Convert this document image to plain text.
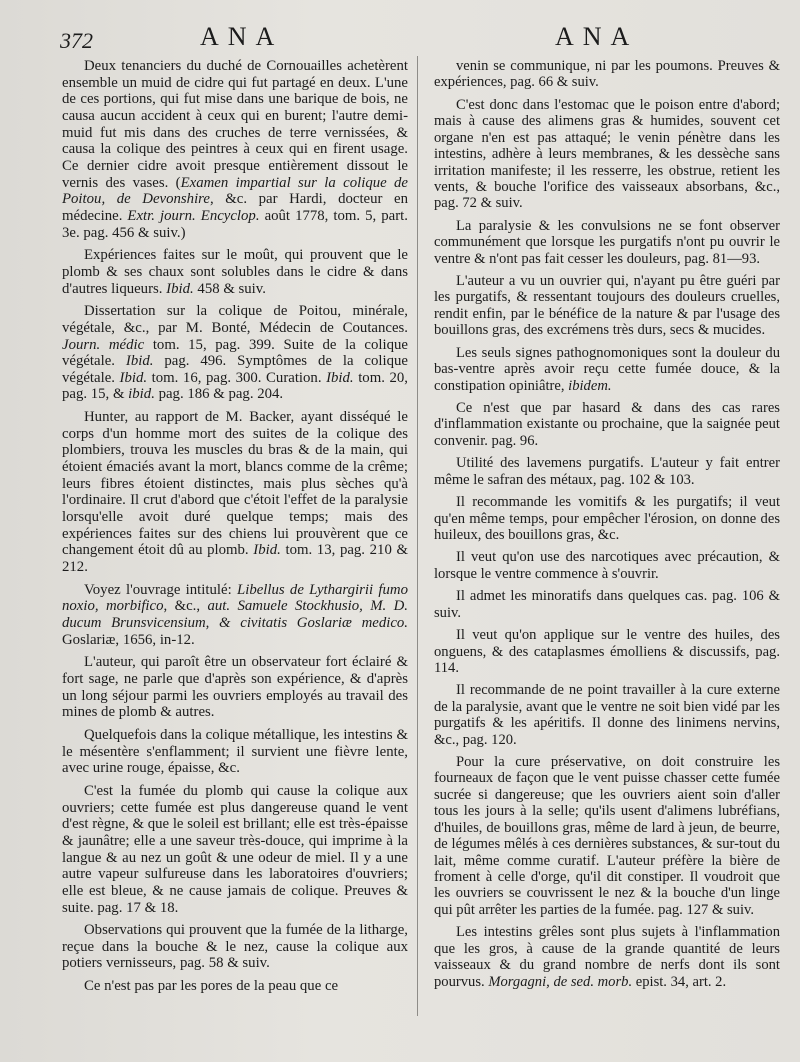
372	ANA	ANA

Deux tenanciers du duché de Cornouailles achetèrent ensemble un muid de cidre qui fut partagé en deux. L'une de ces portions, qui fut mise dans une barique de bois, ne causa aucun accident à ceux qui en burent; l'autre demi-muid fut mis dans des cruches de terre vernissées, & causa la colique des peintres à ceux qui en firent usage. Ce dernier cidre avoit presque entièrement dissout le vernis des vases. (Examen impartial sur la colique de Poitou, de Devonshire, &c. par Hardi, docteur en médecine. Extr. journ. Encyclop. août 1778, tom. 5, part. 3e. pag. 456 & suiv.)

Expériences faites sur le moût, qui prouvent que le plomb & ses chaux sont solubles dans le cidre & dans d'autres liqueurs. Ibid. 458 & suiv.

Dissertation sur la colique de Poitou, minérale, végétale, &c., par M. Bonté, Médecin de Coutances. Journ. médic tom. 15, pag. 399. Suite de la colique végétale. Ibid. pag. 496. Symptômes de la colique végétale. Ibid. tom. 16, pag. 300. Curation. Ibid. tom. 20, pag. 15, & ibid. pag. 186 & pag. 204.

Hunter, au rapport de M. Backer, ayant disséqué le corps d'un homme mort des suites de la colique des plombiers, trouva les muscles du bras & de la main, qui étoient émaciés avant la mort, blancs comme de la crême; leurs fibres étoient distinctes, mais plus sèches qu'à l'ordinaire. Il crut d'abord que c'étoit l'effet de la paralysie lorsqu'elle avoit duré quelque temps; mais des expériences faites sur des chiens lui prouvèrent que ce changement étoit dû au plomb. Ibid. tom. 13, pag. 210 & 212.

Voyez l'ouvrage intitulé: Libellus de Lythargirii fumo noxio, morbifico, &c., aut. Samuele Stockhusio, M. D. ducum Brunsvicensium, & civitatis Goslariæ medico. Goslariæ, 1656, in-12.

L'auteur, qui paroît être un observateur fort éclairé & fort sage, ne parle que d'après son expérience, & d'après un long séjour parmi les ouvriers employés au travail des mines de plomb & autres.

Quelquefois dans la colique métallique, les intestins & le mésentère s'enflamment; il survient une fièvre lente, avec urine rouge, épaisse, &c.

C'est la fumée du plomb qui cause la colique aux ouvriers; cette fumée est plus dangereuse quand le vent d'est règne, & que le soleil est brillant; elle est très-épaisse & jaunâtre; elle a une saveur très-douce, qui imprime à la langue & au nez un goût & une odeur de miel. Il y a une autre vapeur sulfureuse dans les laboratoires d'ouvriers; elle est bleue, & ne cause jamais de colique. Preuves & suite. pag. 17 & 18.

Observations qui prouvent que la fumée de la litharge, reçue dans la bouche & le nez, cause la colique aux potiers vernisseurs, pag. 58 & suiv.

Ce n'est pas par les pores de la peau que ce

venin se communique, ni par les poumons. Preuves & expériences, pag. 66 & suiv.

C'est donc dans l'estomac que le poison entre d'abord; mais à cause des alimens gras & humides, souvent cet organe n'en est pas attaqué; le venin pénètre dans les intestins, adhère à leurs membranes, & les dessèche sans irritation manifeste; il les resserre, les obstrue, retient les vents, & bouche l'orifice des vaisseaux absorbans, &c., pag. 72 & suiv.

La paralysie & les convulsions ne se font observer communément que lorsque les purgatifs n'ont pu ouvrir le ventre & n'ont pas fait cesser les douleurs, pag. 81—93.

L'auteur a vu un ouvrier qui, n'ayant pu être guéri par les purgatifs, & ressentant toujours des douleurs cruelles, rendit enfin, par le bénéfice de la nature & par l'usage des bouillons gras, des excrémens très durs, secs & mucides.

Les seuls signes pathognomoniques sont la douleur du bas-ventre après avoir reçu cette fumée douce, & la constipation opiniâtre, ibidem.

Ce n'est que par hasard & dans des cas rares d'inflammation existante ou prochaine, que la saignée peut convenir. pag. 96.

Utilité des lavemens purgatifs. L'auteur y fait entrer même le safran des métaux, pag. 102 & 103.

Il recommande les vomitifs & les purgatifs; il veut qu'en même temps, pour empêcher l'érosion, on donne des huileux, des bouillons gras, &c.

Il veut qu'on use des narcotiques avec précaution, & lorsque le ventre commence à s'ouvrir.

Il admet les minoratifs dans quelques cas. pag. 106 & suiv.

Il veut qu'on applique sur le ventre des huiles, des onguens, & des cataplasmes émolliens & discussifs, pag. 114.

Il recommande de ne point travailler à la cure externe de la paralysie, avant que le ventre ne soit bien vidé par les purgatifs & les apéritifs. Il donne des linimens nervins, &c., pag. 120.

Pour la cure préservative, on doit construire les fourneaux de façon que le vent puisse chasser cette fumée sucrée si dangereuse; que les ouvriers aient soin d'aller tous les jours à la selle; qu'ils usent d'alimens lubréfians, d'huiles, de bouillons gras, même de lard à jeun, de beurre, de légumes mêlés à ces dernières substances, & sur-tout du lait, même comme curatif. L'auteur préfère la bière de froment à celle d'orge, qu'il dit constiper. Il voudroit que les ouvriers se couvrissent le nez & la bouche d'un linge qui pût arrêter les parties de la fumée. pag. 127 & suiv.

Les intestins grêles sont plus sujets à l'inflammation que les gros, à cause de la grande quantité de leurs vaisseaux & du grand nombre de nerfs dont ils sont pourvus. Morgagni, de sed. morb. epist. 34, art. 2.
